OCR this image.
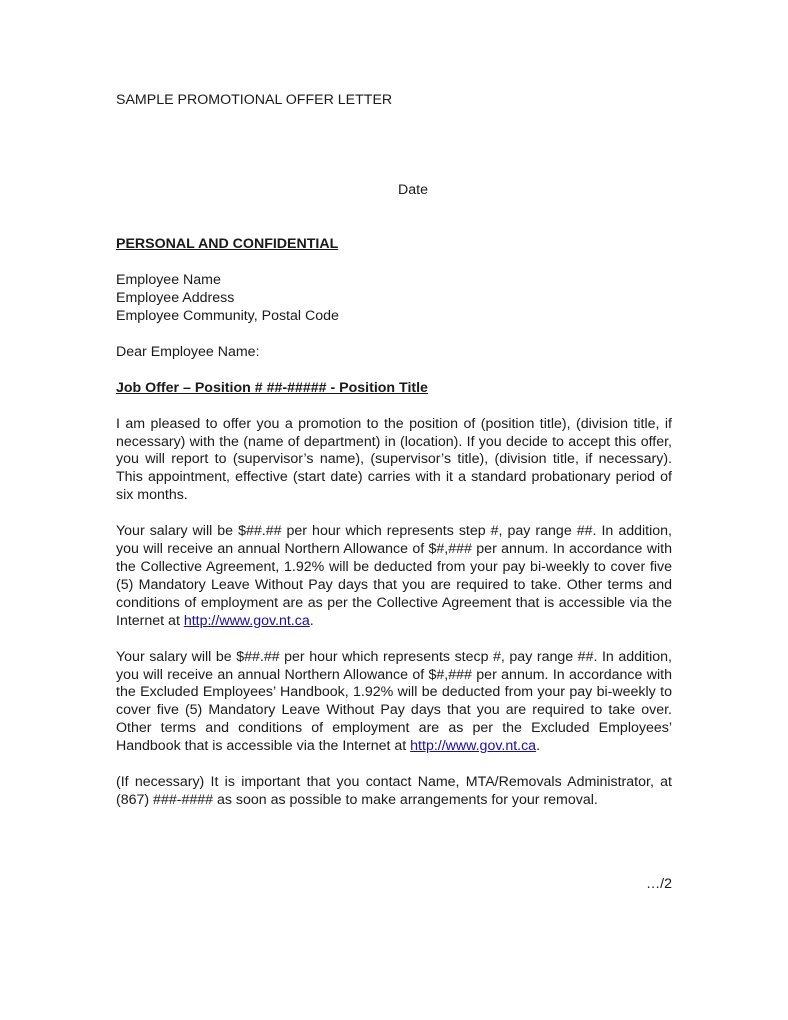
SAMPLE PROMOTIONAL OFFER LETTER
Date
PERSONAL AND CONFIDENTIAL
Employee Name
Employee Address
Employee Community, Postal Code
Dear Employee Name:
Job Offer – Position # ##-##### - Position Title

I am pleased to offer you a promotion to the position of (position title), (division title, if necessary) with the (name of department) in (location). If you decide to accept this offer, you will report to (supervisor’s name), (supervisor’s title), (division title, if necessary). This appointment, effective (start date) carries with it a standard probationary period of six months.

Your salary will be $##.## per hour which represents step #, pay range ##. In addition, you will receive an annual Northern Allowance of $#,### per annum. In accordance with the Collective Agreement, 1.92% will be deducted from your pay bi-weekly to cover five (5) Mandatory Leave Without Pay days that you are required to take. Other terms and conditions of employment are as per the Collective Agreement that is accessible via the Internet at http://www.gov.nt.ca.

Your salary will be $##.## per hour which represents stecp #, pay range ##. In addition, you will receive an annual Northern Allowance of $#,### per annum. In accordance with the Excluded Employees’ Handbook, 1.92% will be deducted from your pay bi-weekly to cover five (5) Mandatory Leave Without Pay days that you are required to take over. Other terms and conditions of employment are as per the Excluded Employees’ Handbook that is accessible via the Internet at http://www.gov.nt.ca.

(If necessary) It is important that you contact Name, MTA/Removals Administrator, at (867) ###-#### as soon as possible to make arrangements for your removal.

…/2
